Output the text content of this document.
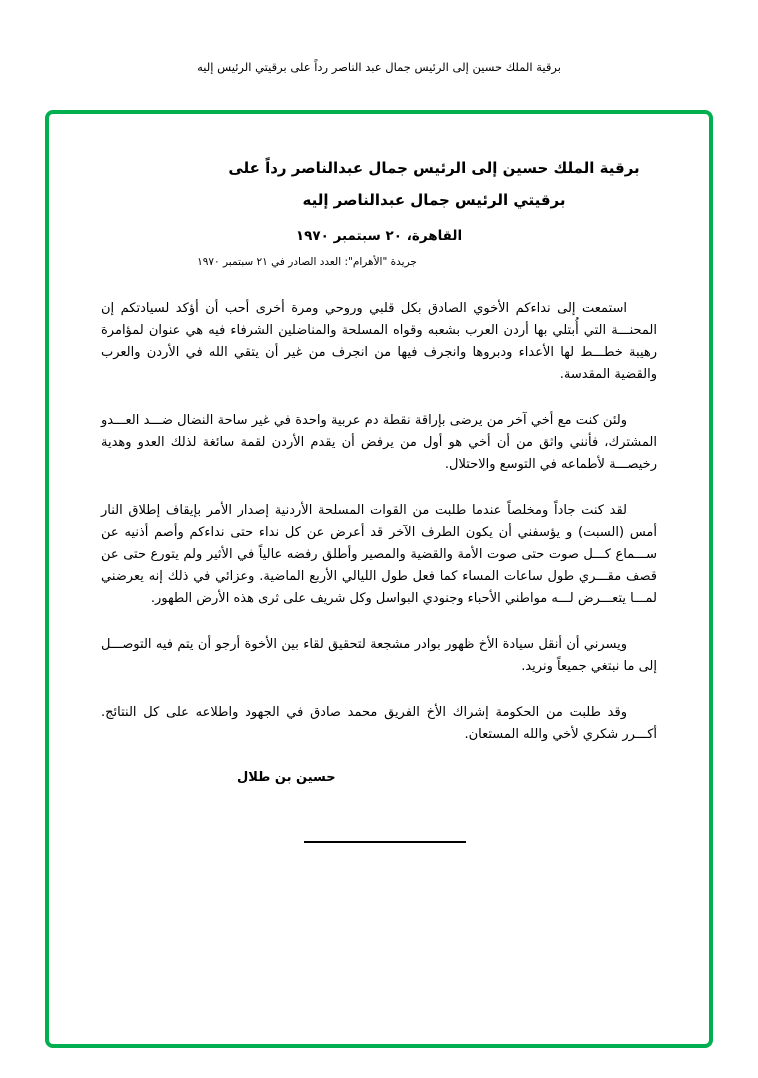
برقية الملك حسين إلى الرئيس جمال عبد الناصر رداً على برقيتي الرئيس إليه
برقية الملك حسين إلى الرئيس جمال عبدالناصر رداً على
برقيتي الرئيس جمال عبدالناصر إليه
القاهرة، ٢٠ سبتمبر ١٩٧٠
جريدة "الأهرام": العدد الصادر في ٢١ سبتمبر ١٩٧٠

استمعت إلى نداءكم الأخوي الصادق بكل قلبي وروحي ومرة أخرى أحب أن أؤكد لسيادتكم إن المحنـــة التي أُبتلي بها أردن العرب بشعبه وقواه المسلحة والمناضلين الشرفاء فيه هي عنوان لمؤامرة رهيبة خطـــط لها الأعداء ودبروها وانجرف فيها من انجرف من غير أن يتقي الله في الأردن والعرب والقضية المقدسة.

ولئن كنت مع أخي آخر من يرضى بإراقة نقطة دم عربية واحدة في غير ساحة النضال ضـــد العـــدو المشترك، فأنني واثق من أن أخي هو أول من يرفض أن يقدم الأردن لقمة سائغة لذلك العدو وهدية رخيصـــة لأطماعه في التوسع والاحتلال.

لقد كنت جاداً ومخلصاً عندما طلبت من القوات المسلحة الأردنية إصدار الأمر بإيقاف إطلاق النار أمس (السبت) و يؤسفني أن يكون الطرف الآخر قد أعرض عن كل نداء حتى نداءكم وأصم أذنيه عن ســـماع كـــل صوت حتى صوت الأمة والقضية والمصير وأطلق رفضه عالياً في الأثير ولم يتورع حتى عن قصف مقـــري طول ساعات المساء كما فعل طول الليالي الأربع الماضية. وعزائي في ذلك إنه يعرضني لمـــا يتعـــرض لـــه مواطني الأحباء وجنودي البواسل وكل شريف على ثرى هذه الأرض الطهور.

ويسرني أن أنقل سيادة الأخ ظهور بوادر مشجعة لتحقيق لقاء بين الأخوة أرجو أن يتم فيه التوصـــل إلى ما نبتغي جميعاً ونريد.

وقد طلبت من الحكومة إشراك الأخ الفريق محمد صادق في الجهود واطلاعه على كل النتائج. أكـــرر شكري لأخي والله المستعان.

حسين بن طلال
